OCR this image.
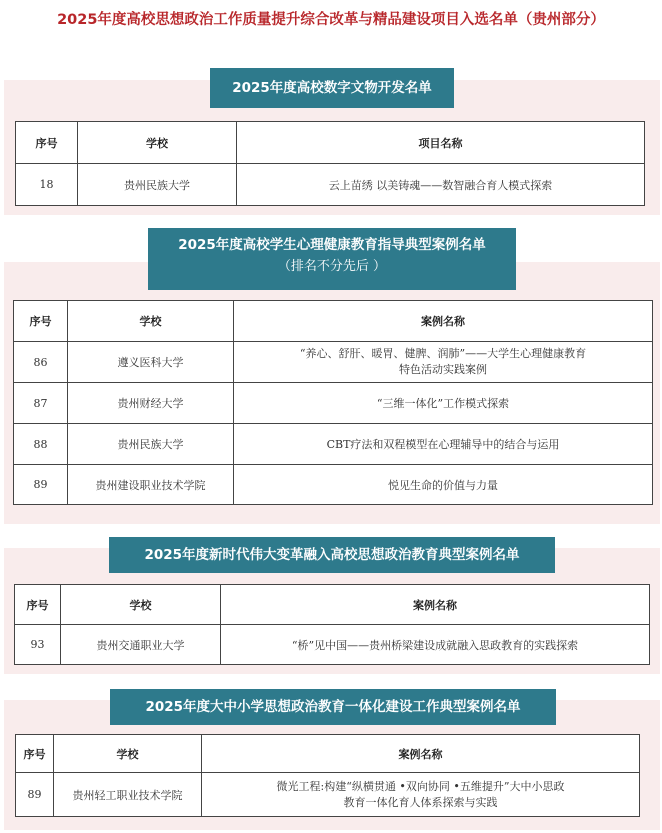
2025年度高校思想政治工作质量提升综合改革与精品建设项目入选名单（贵州部分）
2025年度高校数字文物开发名单
序号	学校	项目名称
18	贵州民族大学	云上苗绣 以美铸魂——数智融合育人模式探索
2025年度高校学生心理健康教育指导典型案例名单
（排名不分先后 ）
序号	学校	案例名称
86	遵义医科大学	“养心、舒肝、暖胃、健脾、润肺”——大学生心理健康教育
特色活动实践案例

87	贵州财经大学	“三维一体化”工作模式探索
88	贵州民族大学	CBT疗法和双程模型在心理辅导中的结合与运用
89	贵州建设职业技术学院	悦见生命的价值与力量
2025年度新时代伟大变革融入高校思想政治教育典型案例名单
序号	学校	案例名称
93	贵州交通职业大学	“桥”见中国——贵州桥梁建设成就融入思政教育的实践探索
2025年度大中小学思想政治教育一体化建设工作典型案例名单
序号	学校	案例名称
89	贵州轻工职业技术学院	微光工程:构建“纵横贯通 •双向协同 •五维提升”大中小思政
教育一体化育人体系探索与实践
